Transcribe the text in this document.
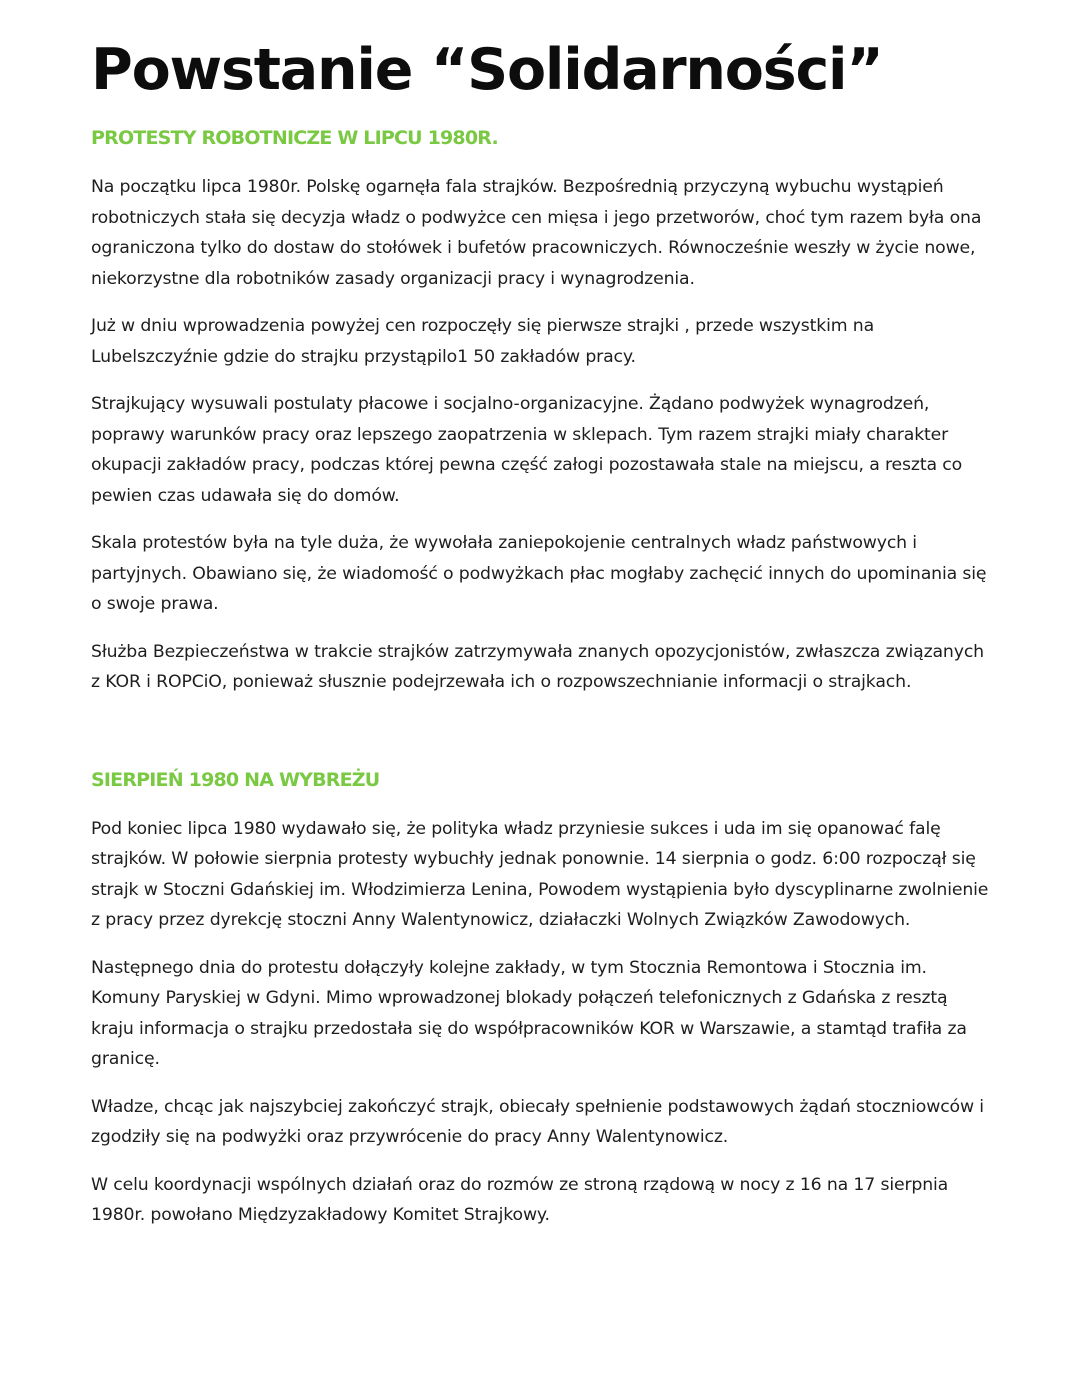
Powstanie “Solidarności”
PROTESTY ROBOTNICZE W LIPCU 1980R.

Na początku lipca 1980r. Polskę ogarnęła fala strajków. Bezpośrednią przyczyną wybuchu wystąpień robotniczych stała się decyzja władz o podwyżce cen mięsa i jego przetworów, choć tym razem była ona ograniczona tylko do dostaw do stołówek i bufetów pracowniczych. Równocześnie weszły w życie nowe, niekorzystne dla robotników zasady organizacji pracy i wynagrodzenia.

Już w dniu wprowadzenia powyżej cen rozpoczęły się pierwsze strajki , przede wszystkim na Lubelszczyźnie gdzie do strajku przystąpilo1 50 zakładów pracy.

Strajkujący wysuwali postulaty płacowe i socjalno-organizacyjne. Żądano podwyżek wynagrodzeń, poprawy warunków pracy oraz lepszego zaopatrzenia w sklepach. Tym razem strajki miały charakter okupacji zakładów pracy, podczas której pewna część załogi pozostawała stale na miejscu, a reszta co pewien czas udawała się do domów.

Skala protestów była na tyle duża, że wywołała zaniepokojenie centralnych władz państwowych i partyjnych. Obawiano się, że wiadomość o podwyżkach płac mogłaby zachęcić innych do upominania się o swoje prawa.

Służba Bezpieczeństwa w trakcie strajków zatrzymywała znanych opozycjonistów, zwłaszcza związanych z KOR i ROPCiO, ponieważ słusznie podejrzewała ich o rozpowszechnianie informacji o strajkach.

SIERPIEŃ 1980 NA WYBREŻU

Pod koniec lipca 1980 wydawało się, że polityka władz przyniesie sukces i uda im się opanować falę strajków. W połowie sierpnia protesty wybuchły jednak ponownie. 14 sierpnia o godz. 6:00 rozpoczął się strajk w Stoczni Gdańskiej im. Włodzimierza Lenina, Powodem wystąpienia było dyscyplinarne zwolnienie z pracy przez dyrekcję stoczni Anny Walentynowicz, działaczki Wolnych Związków Zawodowych.

Następnego dnia do protestu dołączyły kolejne zakłady, w tym Stocznia Remontowa i Stocznia im. Komuny Paryskiej w Gdyni. Mimo wprowadzonej blokady połączeń telefonicznych z Gdańska z resztą kraju informacja o strajku przedostała się do współpracowników KOR w Warszawie, a stamtąd trafiła za granicę.

Władze, chcąc jak najszybciej zakończyć strajk, obiecały spełnienie podstawowych żądań stoczniowców i zgodziły się na podwyżki oraz przywrócenie do pracy Anny Walentynowicz.

W celu koordynacji wspólnych działań oraz do rozmów ze stroną rządową w nocy z 16 na 17 sierpnia 1980r. powołano Międzyzakładowy Komitet Strajkowy.
